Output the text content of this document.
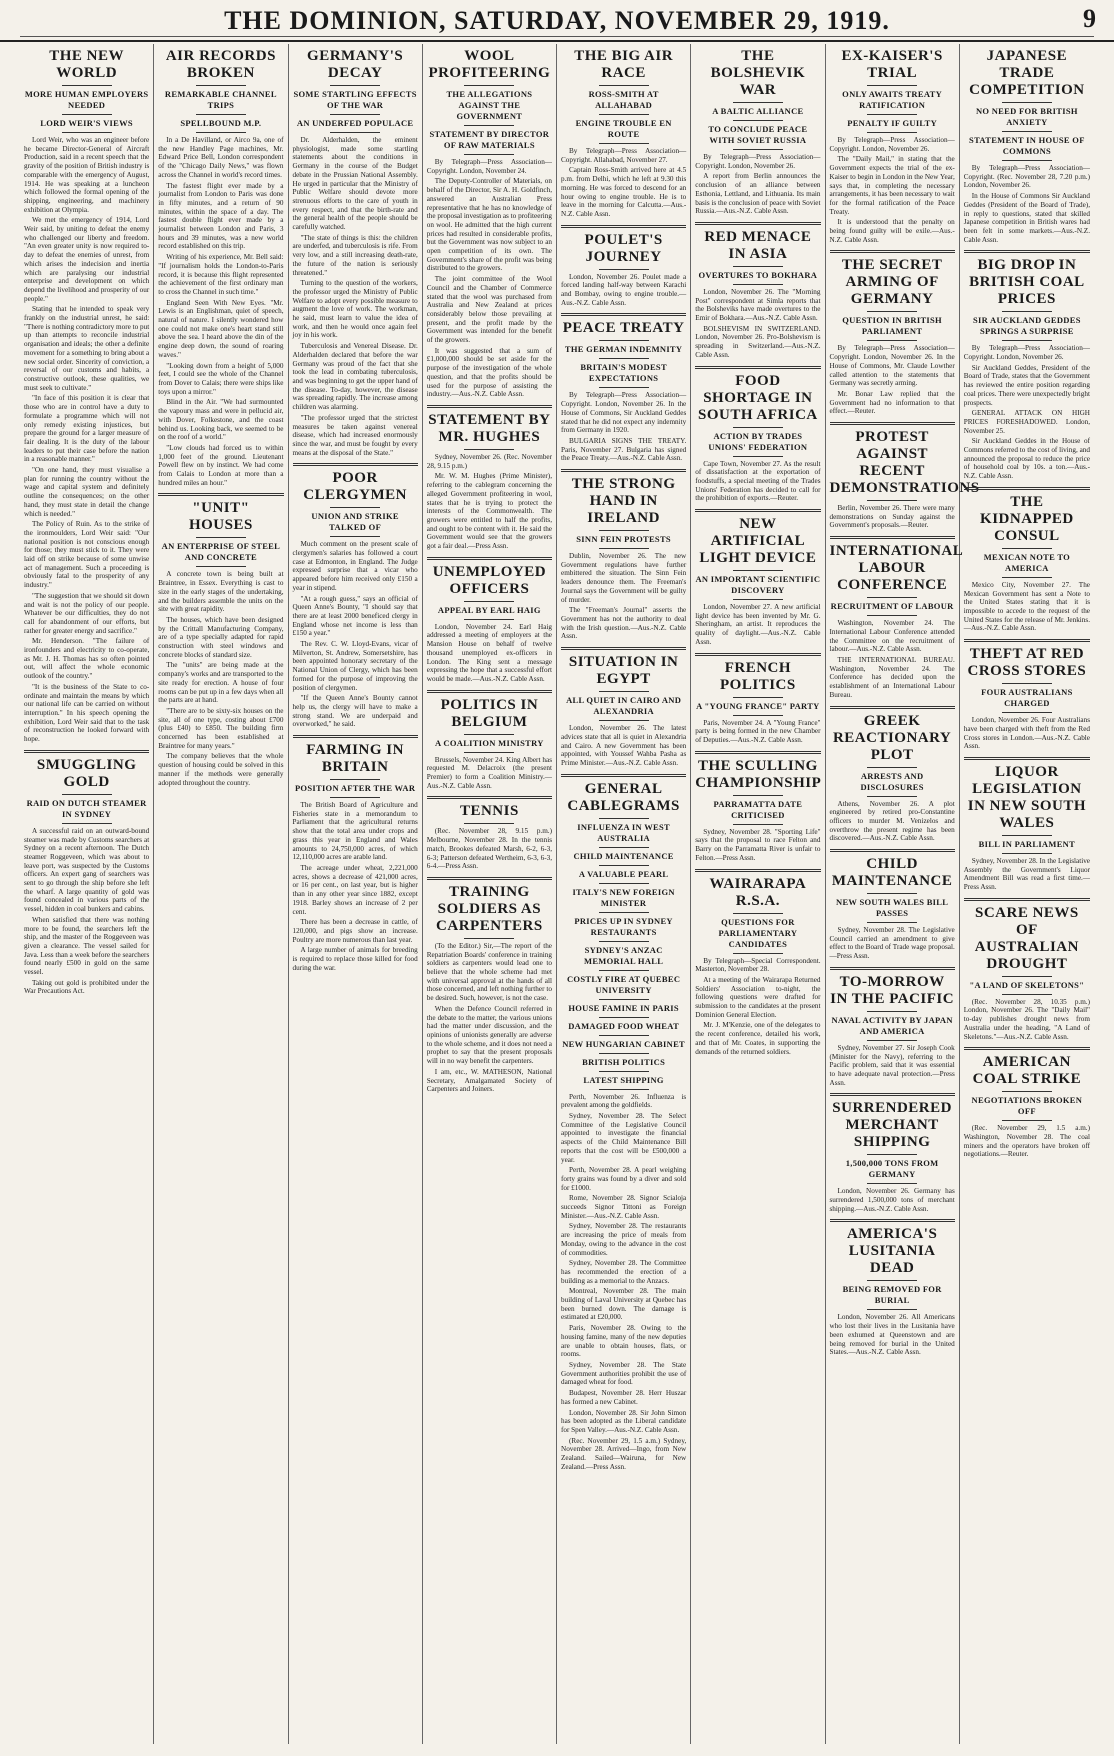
THE DOMINION, SATURDAY, NOVEMBER 29, 1919.	9
THE NEW WORLD
MORE HUMAN EMPLOYERS NEEDED
LORD WEIR'S VIEWS

Lord Weir, who was an engineer before he became Director-General of Aircraft Production, said in a recent speech that the gravity of the position of British industry is comparable with the emergency of August, 1914. He was speaking at a luncheon which followed the formal opening of the shipping, engineering, and machinery exhibition at Olympia.

We met the emergency of 1914, Lord Weir said, by uniting to defeat the enemy who challenged our liberty and freedom. "An even greater unity is now required to-day to defeat the enemies of unrest, from which arises the indecision and inertia which are paralysing our industrial enterprise and development on which depend the livelihood and prosperity of our people."

Stating that he intended to speak very frankly on the industrial unrest, he said: "There is nothing contradictory more to put up than attempts to reconcile industrial organisation and ideals; the other a definite movement for a something to bring about a new social order. Sincerity of conviction, a reversal of our customs and habits, a constructive outlook, these qualities, we must seek to cultivate."

"In face of this position it is clear that those who are in control have a duty to formulate a programme which will not only remedy existing injustices, but prepare the ground for a larger measure of fair dealing. It is the duty of the labour leaders to put their case before the nation in a reasonable manner."

"On one hand, they must visualise a plan for running the country without the wage and capital system and definitely outline the consequences; on the other hand, they must state in detail the change which is needed."

The Policy of Ruin. As to the strike of the ironmoulders, Lord Weir said: "Our national position is not conscious enough for those; they must stick to it. They were laid off on strike because of some unwise act of management. Such a proceeding is obviously fatal to the prosperity of any industry."

"The suggestion that we should sit down and wait is not the policy of our people. Whatever be our difficulties, they do not call for abandonment of our efforts, but rather for greater energy and sacrifice."

Mr. Henderson. "The failure of ironfounders and electricity to co-operate, as Mr. J. H. Thomas has so often pointed out, will affect the whole economic outlook of the country."

"It is the business of the State to co-ordinate and maintain the means by which our national life can be carried on without interruption." In his speech opening the exhibition, Lord Weir said that to the task of reconstruction he looked forward with hope.

SMUGGLING GOLD
RAID ON DUTCH STEAMER IN SYDNEY

A successful raid on an outward-bound steamer was made by Customs searchers at Sydney on a recent afternoon. The Dutch steamer Roggeveen, which was about to leave port, was suspected by the Customs officers. An expert gang of searchers was sent to go through the ship before she left the wharf. A large quantity of gold was found concealed in various parts of the vessel, hidden in coal bunkers and cabins.

When satisfied that there was nothing more to be found, the searchers left the ship, and the master of the Roggeveen was given a clearance. The vessel sailed for Java. Less than a week before the searchers found nearly £500 in gold on the same vessel.

Taking out gold is prohibited under the War Precautions Act.

AIR RECORDS BROKEN
REMARKABLE CHANNEL TRIPS
SPELLBOUND M.P.

In a De Havilland, or Airco 9a, one of the new Handley Page machines, Mr. Edward Price Bell, London correspondent of the "Chicago Daily News," was flown across the Channel in world's record times.

The fastest flight ever made by a journalist from London to Paris was done in fifty minutes, and a return of 90 minutes, within the space of a day. The fastest double flight ever made by a journalist between London and Paris, 3 hours and 39 minutes, was a new world record established on this trip.

Writing of his experience, Mr. Bell said: "If journalism holds the London-to-Paris record, it is because this flight represented the achievement of the first ordinary man to cross the Channel in such time."

England Seen With New Eyes. "Mr. Lewis is an Englishman, quiet of speech, natural of nature. I silently wondered how one could not make one's heart stand still above the sea. I heard above the din of the engine deep down, the sound of roaring waves."

"Looking down from a height of 5,000 feet, I could see the whole of the Channel from Dover to Calais; there were ships like toys upon a mirror."

Blind in the Air. "We had surmounted the vapoury mass and were in pellucid air, with Dover, Folkestone, and the coast behind us. Looking back, we seemed to be on the roof of a world."

"Low clouds had forced us to within 1,000 feet of the ground. Lieutenant Powell flew on by instinct. We had come from Calais to London at more than a hundred miles an hour."

"UNIT" HOUSES
AN ENTERPRISE OF STEEL AND CONCRETE

A concrete town is being built at Braintree, in Essex. Everything is cast to size in the early stages of the undertaking, and the builders assemble the units on the site with great rapidity.

The houses, which have been designed by the Crittall Manufacturing Company, are of a type specially adapted for rapid construction with steel windows and concrete blocks of standard size.

The "units" are being made at the company's works and are transported to the site ready for erection. A house of four rooms can be put up in a few days when all the parts are at hand.

"There are to be sixty-six houses on the site, all of one type, costing about £700 (plus £40) to £850. The building firm concerned has been established at Braintree for many years."

The company believes that the whole question of housing could be solved in this manner if the methods were generally adopted throughout the country.

GERMANY'S DECAY
SOME STARTLING EFFECTS OF THE WAR
AN UNDERFED POPULACE

Dr. Alderhalden, the eminent physiologist, made some startling statements about the conditions in Germany in the course of the Budget debate in the Prussian National Assembly. He urged in particular that the Ministry of Public Welfare should devote more strenuous efforts to the care of youth in every respect, and that the birth-rate and the general health of the people should be carefully watched.

"The state of things is this: the children are underfed, and tuberculosis is rife. From very low, and a still increasing death-rate, the future of the nation is seriously threatened."

Turning to the question of the workers, the professor urged the Ministry of Public Welfare to adopt every possible measure to augment the love of work. The workman, he said, must learn to value the idea of work, and then he would once again feel joy in his work.

Tuberculosis and Venereal Disease. Dr. Alderhalden declared that before the war Germany was proud of the fact that she took the lead in combating tuberculosis, and was beginning to get the upper hand of the disease. To-day, however, the disease was spreading rapidly. The increase among children was alarming.

"The professor urged that the strictest measures be taken against venereal disease, which had increased enormously since the war, and must be fought by every means at the disposal of the State."

POOR CLERGYMEN
UNION AND STRIKE TALKED OF

Much comment on the present scale of clergymen's salaries has followed a court case at Edmonton, in England. The Judge expressed surprise that a vicar who appeared before him received only £150 a year in stipend.

"At a rough guess," says an official of Queen Anne's Bounty, "I should say that there are at least 2000 beneficed clergy in England whose net income is less than £150 a year."

The Rev. C. W. Lloyd-Evans, vicar of Milverton, St. Andrew, Somersetshire, has been appointed honorary secretary of the National Union of Clergy, which has been formed for the purpose of improving the position of clergymen.

"If the Queen Anne's Bounty cannot help us, the clergy will have to make a strong stand. We are underpaid and overworked," he said.

FARMING IN BRITAIN
POSITION AFTER THE WAR

The British Board of Agriculture and Fisheries state in a memorandum to Parliament that the agricultural returns show that the total area under crops and grass this year in England and Wales amounts to 24,750,000 acres, of which 12,110,000 acres are arable land.

The acreage under wheat, 2,221,000 acres, shows a decrease of 421,000 acres, or 16 per cent., on last year, but is higher than in any other year since 1882, except 1918. Barley shows an increase of 2 per cent.

There has been a decrease in cattle, of 120,000, and pigs show an increase. Poultry are more numerous than last year.

A large number of animals for breeding is required to replace those killed for food during the war.

WOOL PROFITEERING
THE ALLEGATIONS AGAINST THE GOVERNMENT
STATEMENT BY DIRECTOR OF RAW MATERIALS

By Telegraph—Press Association—Copyright. London, November 24.

The Deputy-Controller of Materials, on behalf of the Director, Sir A. H. Goldfinch, answered an Australian Press representative that he has no knowledge of the proposal investigation as to profiteering on wool. He admitted that the high current prices had resulted in considerable profits, but the Government was now subject to an open competition of its own. The Government's share of the profit was being distributed to the growers.

The joint committee of the Wool Council and the Chamber of Commerce stated that the wool was purchased from Australia and New Zealand at prices considerably below those prevailing at present, and the profit made by the Government was intended for the benefit of the growers.

It was suggested that a sum of £1,000,000 should be set aside for the purpose of the investigation of the whole question, and that the profits should be used for the purpose of assisting the industry.—Aus.-N.Z. Cable Assn.

STATEMENT BY MR. HUGHES

Sydney, November 26. (Rec. November 28, 9.15 p.m.)

Mr. W. M. Hughes (Prime Minister), referring to the cablegram concerning the alleged Government profiteering in wool, states that he is trying to protect the interests of the Commonwealth. The growers were entitled to half the profits, and ought to be content with it. He said the Government would see that the growers got a fair deal.—Press Assn.

UNEMPLOYED OFFICERS
APPEAL BY EARL HAIG

London, November 24. Earl Haig addressed a meeting of employers at the Mansion House on behalf of twelve thousand unemployed ex-officers in London. The King sent a message expressing the hope that a successful effort would be made.—Aus.-N.Z. Cable Assn.

POLITICS IN BELGIUM
A COALITION MINISTRY

Brussels, November 24. King Albert has requested M. Delacroix (the present Premier) to form a Coalition Ministry.—Aus.-N.Z. Cable Assn.

TENNIS

(Rec. November 28, 9.15 p.m.) Melbourne, November 28. In the tennis match, Brookes defeated Marsh, 6-2, 6-3, 6-3; Patterson defeated Wertheim, 6-3, 6-3, 6-4.—Press Assn.

TRAINING SOLDIERS AS CARPENTERS

(To the Editor.) Sir,—The report of the Repatriation Boards' conference in training soldiers as carpenters would lead one to believe that the whole scheme had met with universal approval at the hands of all those concerned, and left nothing further to be desired. Such, however, is not the case.

When the Defence Council referred in the debate to the matter, the various unions had the matter under discussion, and the opinions of unionists generally are adverse to the whole scheme, and it does not need a prophet to say that the present proposals will in no way benefit the carpenters.

I am, etc., W. MATHESON, National Secretary, Amalgamated Society of Carpenters and Joiners.

THE BIG AIR RACE
ROSS-SMITH AT ALLAHABAD
ENGINE TROUBLE EN ROUTE

By Telegraph—Press Association—Copyright. Allahabad, November 27.

Captain Ross-Smith arrived here at 4.5 p.m. from Delhi, which he left at 9.30 this morning. He was forced to descend for an hour owing to engine trouble. He is to leave in the morning for Calcutta.—Aus.-N.Z. Cable Assn.

POULET'S JOURNEY

London, November 26. Poulet made a forced landing half-way between Karachi and Bombay, owing to engine trouble.—Aus.-N.Z. Cable Assn.

PEACE TREATY
THE GERMAN INDEMNITY
BRITAIN'S MODEST EXPECTATIONS

By Telegraph—Press Association—Copyright. London, November 26. In the House of Commons, Sir Auckland Geddes stated that he did not expect any indemnity from Germany in 1920.

BULGARIA SIGNS THE TREATY. Paris, November 27. Bulgaria has signed the Peace Treaty.—Aus.-N.Z. Cable Assn.

THE STRONG HAND IN IRELAND
SINN FEIN PROTESTS

Dublin, November 26. The new Government regulations have further embittered the situation. The Sinn Fein leaders denounce them. The Freeman's Journal says the Government will be guilty of murder.

The "Freeman's Journal" asserts the Government has not the authority to deal with the Irish question.—Aus.-N.Z. Cable Assn.

SITUATION IN EGYPT
ALL QUIET IN CAIRO AND ALEXANDRIA

London, November 26. The latest advices state that all is quiet in Alexandria and Cairo. A new Government has been appointed, with Youssef Wahba Pasha as Prime Minister.—Aus.-N.Z. Cable Assn.

GENERAL CABLEGRAMS
INFLUENZA IN WEST AUSTRALIA
CHILD MAINTENANCE
A VALUABLE PEARL
ITALY'S NEW FOREIGN MINISTER
PRICES UP IN SYDNEY RESTAURANTS
SYDNEY'S ANZAC MEMORIAL HALL
COSTLY FIRE AT QUEBEC UNIVERSITY
HOUSE FAMINE IN PARIS
DAMAGED FOOD WHEAT
NEW HUNGARIAN CABINET
BRITISH POLITICS
LATEST SHIPPING

Perth, November 26. Influenza is prevalent among the goldfields.

Sydney, November 28. The Select Committee of the Legislative Council appointed to investigate the financial aspects of the Child Maintenance Bill reports that the cost will be £500,000 a year.

Perth, November 28. A pearl weighing forty grains was found by a diver and sold for £1000.

Rome, November 28. Signor Scialoja succeeds Signor Tittoni as Foreign Minister.—Aus.-N.Z. Cable Assn.

Sydney, November 28. The restaurants are increasing the price of meals from Monday, owing to the advance in the cost of commodities.

Sydney, November 28. The Committee has recommended the erection of a building as a memorial to the Anzacs.

Montreal, November 28. The main building of Laval University at Quebec has been burned down. The damage is estimated at £20,000.

Paris, November 28. Owing to the housing famine, many of the new deputies are unable to obtain houses, flats, or rooms.

Sydney, November 28. The State Government authorities prohibit the use of damaged wheat for food.

Budapest, November 28. Herr Huszar has formed a new Cabinet.

London, November 28. Sir John Simon has been adopted as the Liberal candidate for Spen Valley.—Aus.-N.Z. Cable Assn.

(Rec. November 29, 1.5 a.m.) Sydney, November 28. Arrived—Ingo, from New Zealand. Sailed—Wairuna, for New Zealand.—Press Assn.

THE BOLSHEVIK WAR
A BALTIC ALLIANCE
TO CONCLUDE PEACE WITH SOVIET RUSSIA

By Telegraph—Press Association—Copyright. London, November 26.

A report from Berlin announces the conclusion of an alliance between Esthonia, Lettland, and Lithuania. Its main basis is the conclusion of peace with Soviet Russia.—Aus.-N.Z. Cable Assn.

RED MENACE IN ASIA
OVERTURES TO BOKHARA

London, November 26. The "Morning Post" correspondent at Simla reports that the Bolsheviks have made overtures to the Emir of Bokhara.—Aus.-N.Z. Cable Assn.

BOLSHEVISM IN SWITZERLAND. London, November 26. Pro-Bolshevism is spreading in Switzerland.—Aus.-N.Z. Cable Assn.

FOOD SHORTAGE IN SOUTH AFRICA
ACTION BY TRADES UNIONS' FEDERATION

Cape Town, November 27. As the result of dissatisfaction at the exportation of foodstuffs, a special meeting of the Trades Unions' Federation has decided to call for the prohibition of exports.—Reuter.

NEW ARTIFICIAL LIGHT DEVICE
AN IMPORTANT SCIENTIFIC DISCOVERY

London, November 27. A new artificial light device has been invented by Mr. G. Sheringham, an artist. It reproduces the quality of daylight.—Aus.-N.Z. Cable Assn.

FRENCH POLITICS
A "YOUNG FRANCE" PARTY

Paris, November 24. A "Young France" party is being formed in the new Chamber of Deputies.—Aus.-N.Z. Cable Assn.

THE SCULLING CHAMPIONSHIP
PARRAMATTA DATE CRITICISED

Sydney, November 28. "Sporting Life" says that the proposal to race Felton and Barry on the Parramatta River is unfair to Felton.—Press Assn.

WAIRARAPA R.S.A.
QUESTIONS FOR PARLIAMENTARY CANDIDATES

By Telegraph—Special Correspondent. Masterton, November 28.

At a meeting of the Wairarapa Returned Soldiers' Association to-night, the following questions were drafted for submission to the candidates at the present Dominion General Election.

Mr. J. M'Kenzie, one of the delegates to the recent conference, detailed his work, and that of Mr. Coates, in supporting the demands of the returned soldiers.

EX-KAISER'S TRIAL
ONLY AWAITS TREATY RATIFICATION
PENALTY IF GUILTY

By Telegraph—Press Association—Copyright. London, November 26.

The "Daily Mail," in stating that the Government expects the trial of the ex-Kaiser to begin in London in the New Year, says that, in completing the necessary arrangements, it has been necessary to wait for the formal ratification of the Peace Treaty.

It is understood that the penalty on being found guilty will be exile.—Aus.-N.Z. Cable Assn.

THE SECRET ARMING OF GERMANY
QUESTION IN BRITISH PARLIAMENT

By Telegraph—Press Association—Copyright. London, November 26. In the House of Commons, Mr. Claude Lowther called attention to the statements that Germany was secretly arming.

Mr. Bonar Law replied that the Government had no information to that effect.—Reuter.

PROTEST AGAINST RECENT DEMONSTRATIONS

Berlin, November 26. There were many demonstrations on Sunday against the Government's proposals.—Reuter.

INTERNATIONAL LABOUR CONFERENCE
RECRUITMENT OF LABOUR

Washington, November 24. The International Labour Conference attended the Committee on the recruitment of labour.—Aus.-N.Z. Cable Assn.

THE INTERNATIONAL BUREAU. Washington, November 24. The Conference has decided upon the establishment of an International Labour Bureau.

GREEK REACTIONARY PLOT
ARRESTS AND DISCLOSURES

Athens, November 26. A plot engineered by retired pro-Constantine officers to murder M. Venizelos and overthrow the present regime has been discovered.—Aus.-N.Z. Cable Assn.

CHILD MAINTENANCE
NEW SOUTH WALES BILL PASSES

Sydney, November 28. The Legislative Council carried an amendment to give effect to the Board of Trade wage proposal.—Press Assn.

TO-MORROW IN THE PACIFIC
NAVAL ACTIVITY BY JAPAN AND AMERICA

Sydney, November 27. Sir Joseph Cook (Minister for the Navy), referring to the Pacific problem, said that it was essential to have adequate naval protection.—Press Assn.

SURRENDERED MERCHANT SHIPPING
1,500,000 TONS FROM GERMANY

London, November 26. Germany has surrendered 1,500,000 tons of merchant shipping.—Aus.-N.Z. Cable Assn.

AMERICA'S LUSITANIA DEAD
BEING REMOVED FOR BURIAL

London, November 26. All Americans who lost their lives in the Lusitania have been exhumed at Queenstown and are being removed for burial in the United States.—Aus.-N.Z. Cable Assn.

JAPANESE TRADE COMPETITION
NO NEED FOR BRITISH ANXIETY
STATEMENT IN HOUSE OF COMMONS

By Telegraph—Press Association—Copyright. (Rec. November 28, 7.20 p.m.) London, November 26.

In the House of Commons Sir Auckland Geddes (President of the Board of Trade), in reply to questions, stated that skilled Japanese competition in British wares had been felt in some markets.—Aus.-N.Z. Cable Assn.

BIG DROP IN BRITISH COAL PRICES
SIR AUCKLAND GEDDES SPRINGS A SURPRISE

By Telegraph—Press Association—Copyright. London, November 26.

Sir Auckland Geddes, President of the Board of Trade, states that the Government has reviewed the entire position regarding coal prices. There were unexpectedly bright prospects.

GENERAL ATTACK ON HIGH PRICES FORESHADOWED. London, November 25.

Sir Auckland Geddes in the House of Commons referred to the cost of living, and announced the proposal to reduce the price of household coal by 10s. a ton.—Aus.-N.Z. Cable Assn.

THE KIDNAPPED CONSUL
MEXICAN NOTE TO AMERICA

Mexico City, November 27. The Mexican Government has sent a Note to the United States stating that it is impossible to accede to the request of the United States for the release of Mr. Jenkins.—Aus.-N.Z. Cable Assn.

THEFT AT RED CROSS STORES
FOUR AUSTRALIANS CHARGED

London, November 26. Four Australians have been charged with theft from the Red Cross stores in London.—Aus.-N.Z. Cable Assn.

LIQUOR LEGISLATION IN NEW SOUTH WALES
BILL IN PARLIAMENT

Sydney, November 28. In the Legislative Assembly the Government's Liquor Amendment Bill was read a first time.—Press Assn.

SCARE NEWS OF AUSTRALIAN DROUGHT
"A LAND OF SKELETONS"

(Rec. November 28, 10.35 p.m.) London, November 26. The "Daily Mail" to-day publishes drought news from Australia under the heading, "A Land of Skeletons."—Aus.-N.Z. Cable Assn.

AMERICAN COAL STRIKE
NEGOTIATIONS BROKEN OFF

(Rec. November 29, 1.5 a.m.) Washington, November 28. The coal miners and the operators have broken off negotiations.—Reuter.
